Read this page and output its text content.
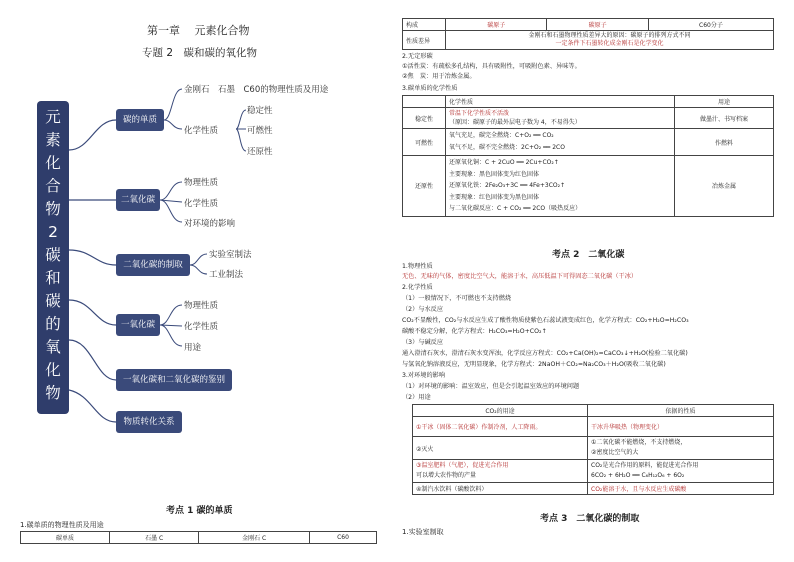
第一章　 元素化合物
专题 2　碳和碳的氧化物
元
素
化
合
物
2
碳
和
碳
的
氧
化
物
碳的单质
二氧化碳
二氧化碳的制取
一氧化碳
一氧化碳和二氧化碳的鉴别
物质转化关系
金刚石　石墨　C60的物理性质及用途
化学性质
稳定性
可燃性
还原性
物理性质
化学性质
对环境的影响
实验室制法
工业制法
物理性质
化学性质
用途
考点 1 碳的单质
1.碳单质的物理性质及用途
碳单质	石墨 C	金刚石 C	C60
构成	碳原子	碳原子	C60分子
性质差异	金刚石和石墨物理性质差异大的原因：碳原子的排列方式不同
一定条件下石墨转化成金刚石是化学变化		
2.无定形碳
①活性炭：有疏松多孔结构，具有吸附性，可吸附色素、异味等。
②焦　炭：用于冶炼金属。
3.碳单质的化学性质
	化学性质	用途
稳定性	常温下化学性质不活泼
（原因：碳原子的最外层电子数为 4，不易得失）	做墨汁、书写档案
可燃性	氧气充足，碳完全燃烧：C+O₂ ══ CO₂
氧气不足，碳不完全燃烧：2C+O₂ ══ 2CO	作燃料
还原性	还原氧化铜：C + 2CuO ══ 2Cu+CO₂↑
主要现象：黑色固体变为红色固体
还原氧化铁：2Fe₂O₃+3C ══ 4Fe+3CO₂↑
主要现象：红色固体变为黑色固体
与二氧化碳反应：C + CO₂ ══ 2CO（吸热反应）	冶炼金属
考点 2　二氧化碳
1.物理性质
无色、无味的气体，密度比空气大，能溶于水，高压低温下可得固态二氧化碳（干冰）
2.化学性质
（1）一般情况下，不可燃也不支持燃烧
（2）与水反应
CO₂不显酸性，CO₂与水反应生成了酸性物质使紫色石蕊试液变成红色，化学方程式：CO₂+H₂O=H₂CO₃
碳酸不稳定分解，化学方程式：H₂CO₃=H₂O+CO₂↑
（3）与碱反应
通入澄清石灰水，澄清石灰水变浑浊，化学反应方程式：CO₂+Ca(OH)₂=CaCO₃↓+H₂O(检验二氧化碳)
与氢氧化钠溶液反应，无明显现象，化学方程式：2NaOH＋CO₂=Na₂CO₃＋H₂O(吸收二氧化碳)
3.对环境的影响
（1）对环境的影响：温室效应，但是会引起温室效应的环境问题
（2）用途
CO₂的用途	依据的性质
①干冰（固体二氧化碳）作制冷剂，人工降雨。	干冰升华吸热（物理变化）
②灭火	①二氧化碳不能燃烧，不支持燃烧，
②密度比空气的大
③温室肥料（气肥），促进光合作用
可以增大农作物的产量	CO₂是光合作用的原料，能促进光合作用
6CO₂ + 6H₂O ══ C₆H₁₂O₆ + 6O₂
④制汽水饮料（碳酸饮料）	CO₂能溶于水，且与水反应生成碳酸
考点 3　二氧化碳的制取
1.实验室制取
